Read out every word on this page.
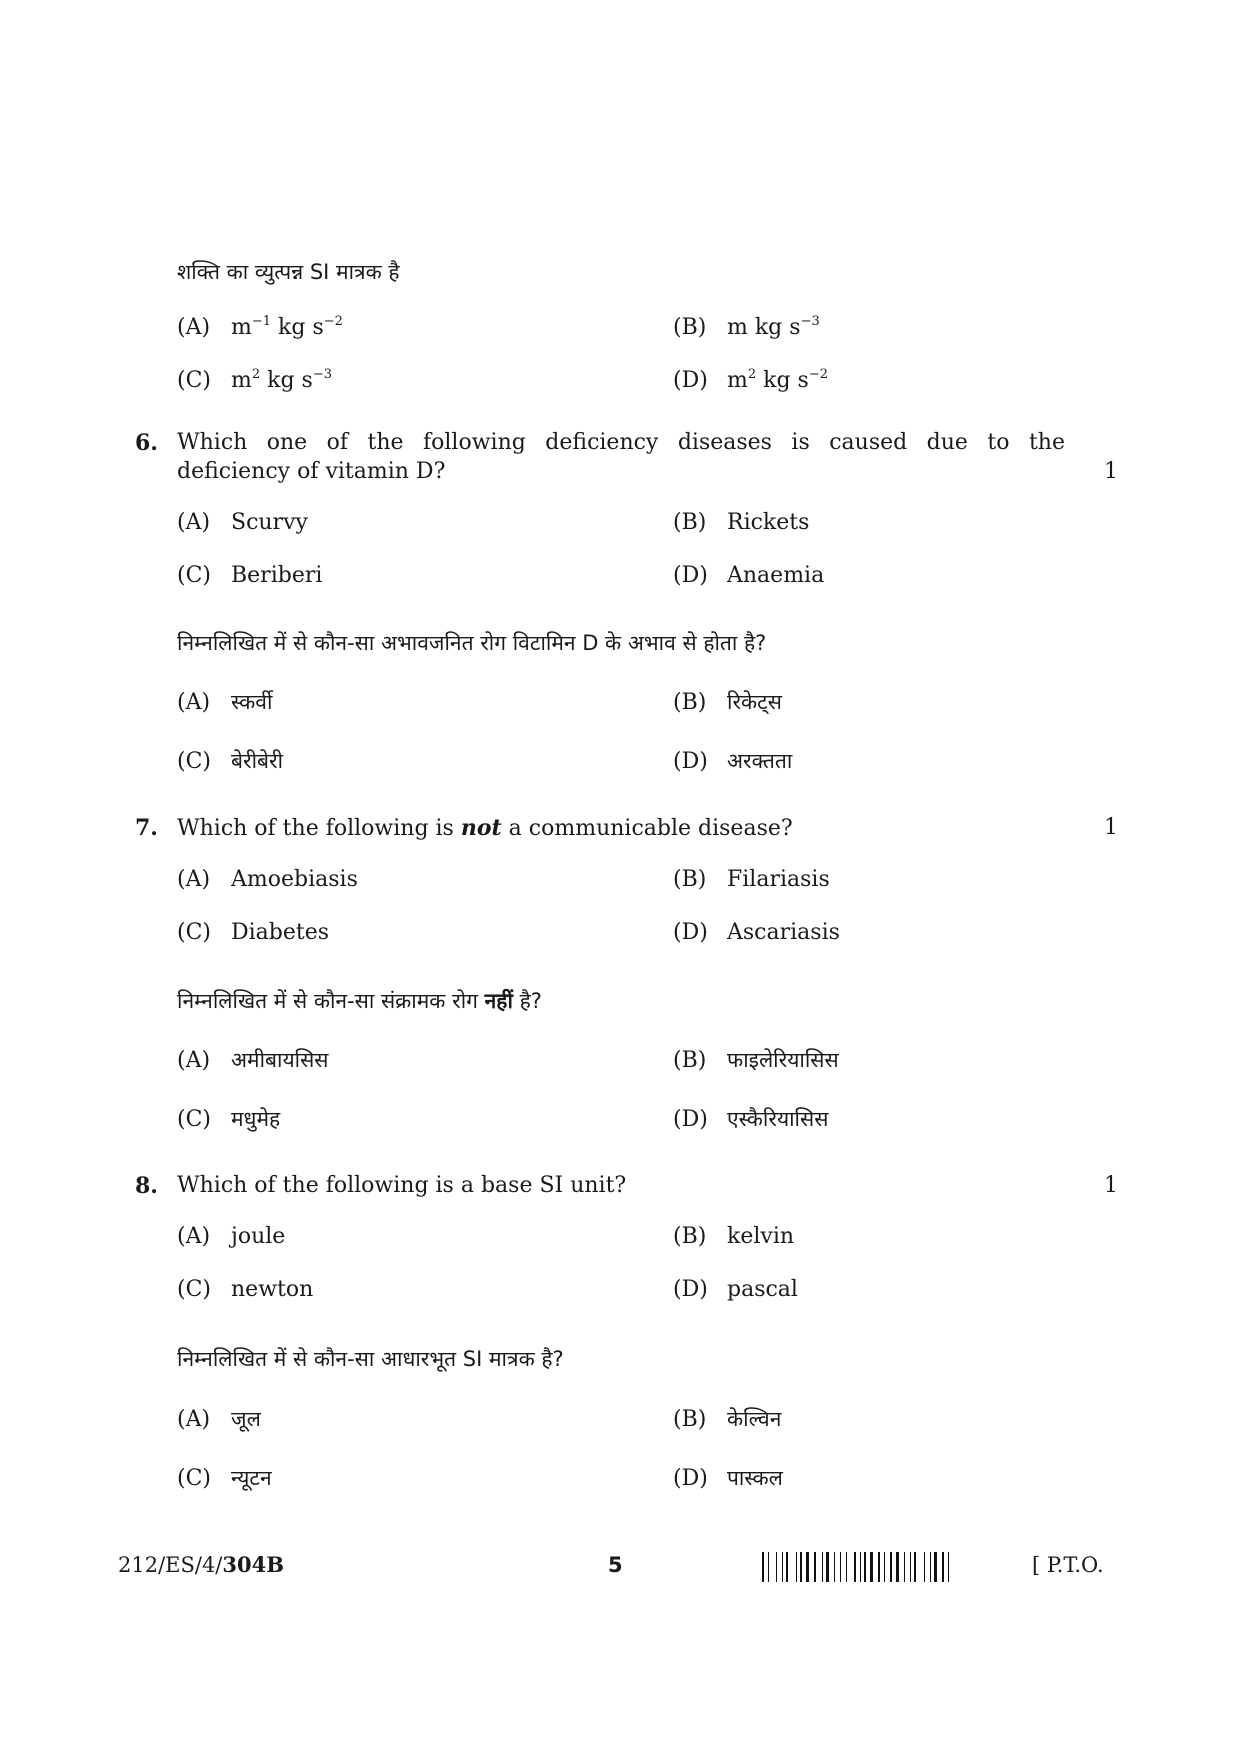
शक्ति का व्युत्पन्न SI मात्रक है
(A) $m^{-1}$ kg $s^{-2}$	(B) m kg $s^{-3}$
(C) $m^2$ kg $s^{-3}$	(D) $m^2$ kg $s^{-2}$
6. Which one of the following deficiency diseases is caused due to the
deficiency of vitamin D?	1
(A) Scurvy	(B) Rickets
(C) Beriberi	(D) Anaemia
निम्नलिखित में से कौन-सा अभावजनित रोग विटामिन D के अभाव से होता है?
(A) स्कर्वी	(B) रिकेट्स
(C) बेरीबेरी	(D) अरक्तता
7. Which of the following is not a communicable disease?	1
(A) Amoebiasis	(B) Filariasis
(C) Diabetes	(D) Ascariasis
निम्नलिखित में से कौन-सा संक्रामक रोग नहीं है?
(A) अमीबायसिस	(B) फाइलेरियासिस
(C) मधुमेह	(D) एस्कैरियासिस
8. Which of the following is a base SI unit?	1
(A) joule	(B) kelvin
(C) newton	(D) pascal
निम्नलिखित में से कौन-सा आधारभूत SI मात्रक है?
(A) जूल	(B) केल्विन
(C) न्यूटन	(D) पास्कल
212/ES/4/304B	5	[ P.T.O.
